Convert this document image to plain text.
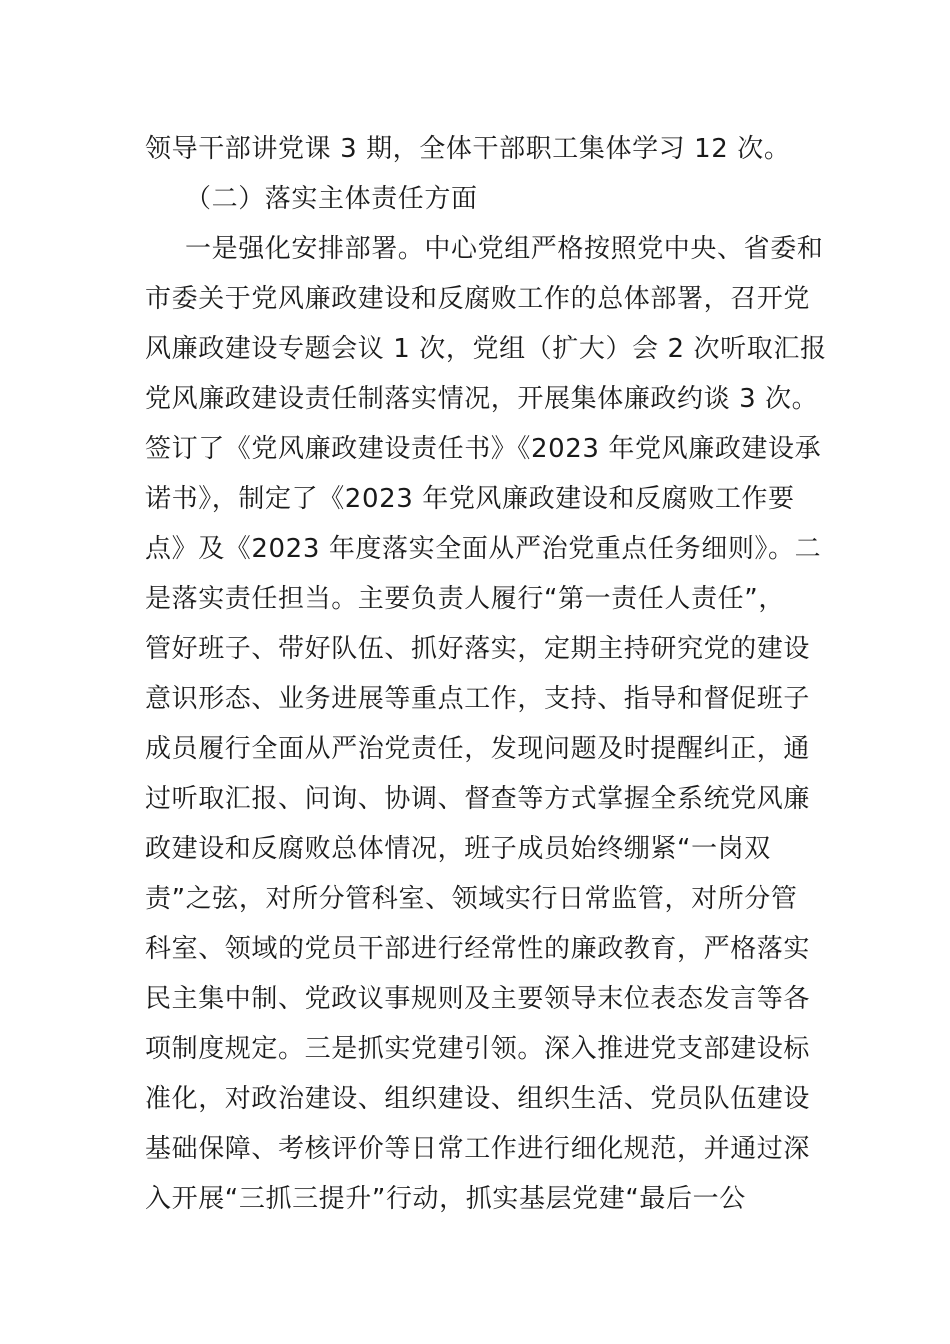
领导干部讲党课 3 期，全体干部职工集体学习 12 次。
（二）落实主体责任方面
一是强化安排部署。中心党组严格按照党中央、省委和
市委关于党风廉政建设和反腐败工作的总体部署，召开党
风廉政建设专题会议 1 次，党组（扩大）会 2 次听取汇报
党风廉政建设责任制落实情况，开展集体廉政约谈 3 次。
签订了《党风廉政建设责任书》《2023 年党风廉政建设承
诺书》，制定了《2023 年党风廉政建设和反腐败工作要
点》及《2023 年度落实全面从严治党重点任务细则》。二
是落实责任担当。主要负责人履行“第一责任人责任”，
管好班子、带好队伍、抓好落实，定期主持研究党的建设
意识形态、业务进展等重点工作，支持、指导和督促班子
成员履行全面从严治党责任，发现问题及时提醒纠正，通
过听取汇报、问询、协调、督查等方式掌握全系统党风廉
政建设和反腐败总体情况，班子成员始终绷紧“一岗双
责”之弦，对所分管科室、领域实行日常监管，对所分管
科室、领域的党员干部进行经常性的廉政教育，严格落实
民主集中制、党政议事规则及主要领导末位表态发言等各
项制度规定。三是抓实党建引领。深入推进党支部建设标
准化，对政治建设、组织建设、组织生活、党员队伍建设
基础保障、考核评价等日常工作进行细化规范，并通过深
入开展“三抓三提升”行动，抓实基层党建“最后一公
